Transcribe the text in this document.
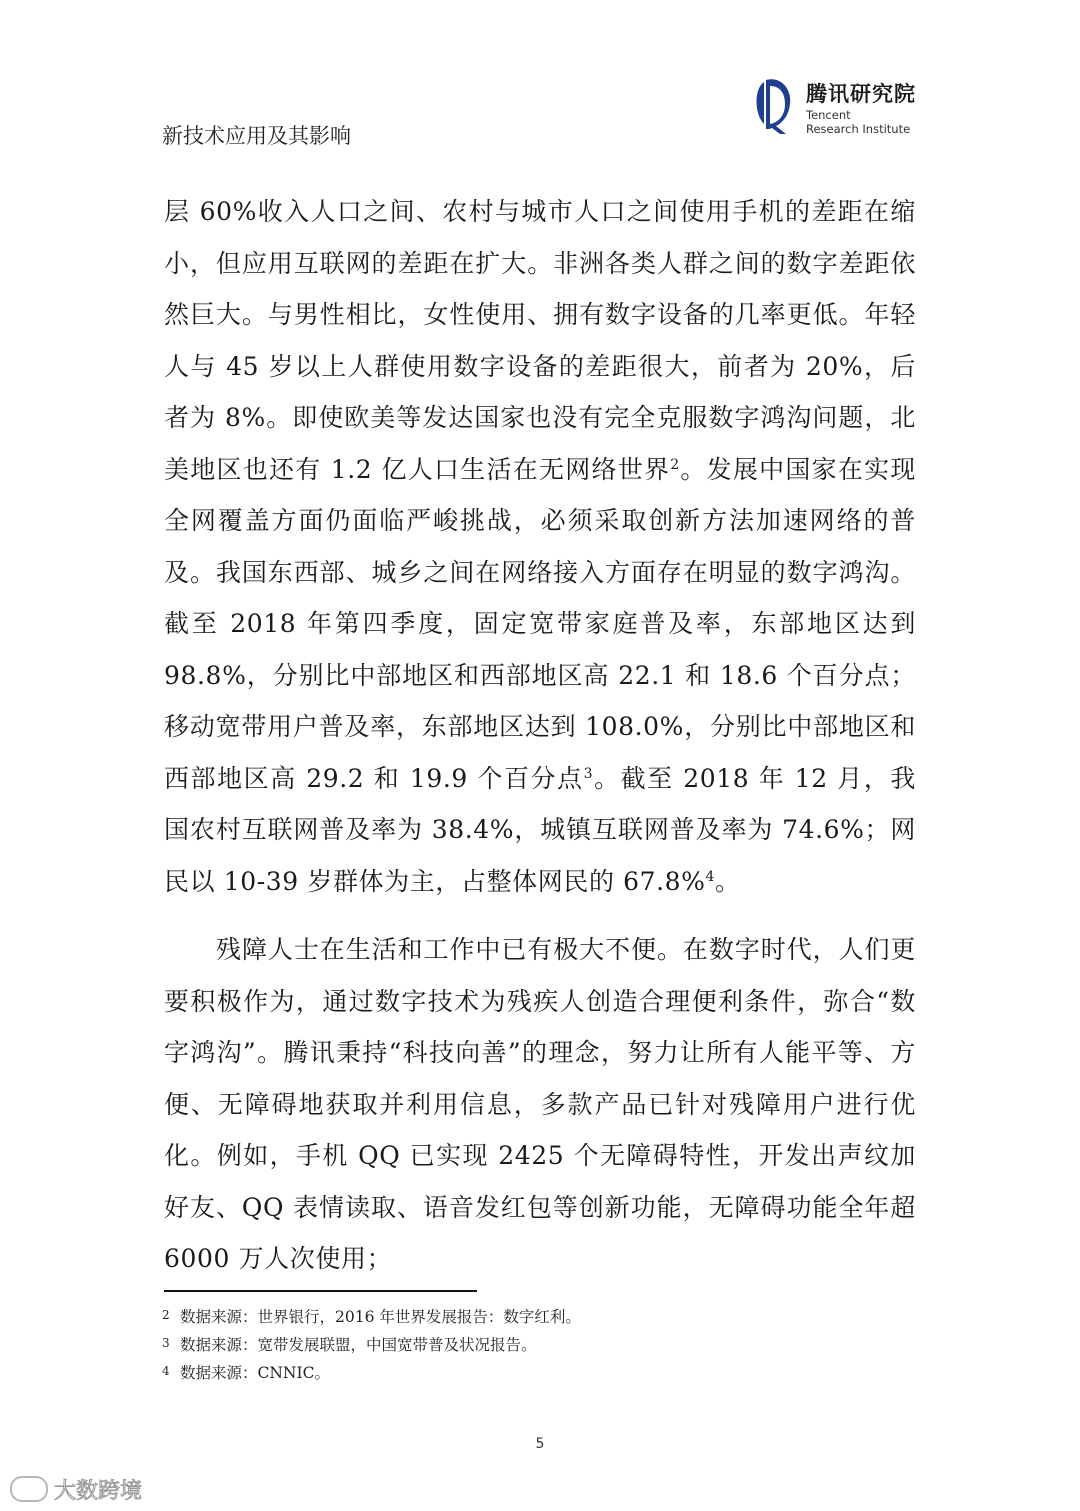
新技术应用及其影响
腾讯研究院
Tencent
Research Institute

层 60%收入人口之间、农村与城市人口之间使用手机的差距在缩小，但应用互联网的差距在扩大。非洲各类人群之间的数字差距依然巨大。与男性相比，女性使用、拥有数字设备的几率更低。年轻人与 45 岁以上人群使用数字设备的差距很大，前者为 20%，后者为 8%。即使欧美等发达国家也没有完全克服数字鸿沟问题，北美地区也还有 1.2 亿人口生活在无网络世界$^2$。发展中国家在实现全网覆盖方面仍面临严峻挑战，必须采取创新方法加速网络的普及。我国东西部、城乡之间在网络接入方面存在明显的数字鸿沟。截至 2018 年第四季度，固定宽带家庭普及率，东部地区达到 98.8%，分别比中部地区和西部地区高 22.1 和 18.6 个百分点；移动宽带用户普及率，东部地区达到 108.0%，分别比中部地区和西部地区高 29.2 和 19.9 个百分点$^3$。截至 2018 年 12 月，我国农村互联网普及率为 38.4%，城镇互联网普及率为 74.6%；网民以 10-39 岁群体为主，占整体网民的 67.8%$^4$。

残障人士在生活和工作中已有极大不便。在数字时代，人们更要积极作为，通过数字技术为残疾人创造合理便利条件，弥合“数字鸿沟”。腾讯秉持“科技向善”的理念，努力让所有人能平等、方便、无障碍地获取并利用信息，多款产品已针对残障用户进行优化。例如，手机 QQ 已实现 2425 个无障碍特性，开发出声纹加好友、QQ 表情读取、语音发红包等创新功能，无障碍功能全年超 6000 万人次使用；

2 数据来源：世界银行，2016 年世界发展报告：数字红利。
3 数据来源：宽带发展联盟，中国宽带普及状况报告。
4 数据来源：CNNIC。
5
大数跨境
